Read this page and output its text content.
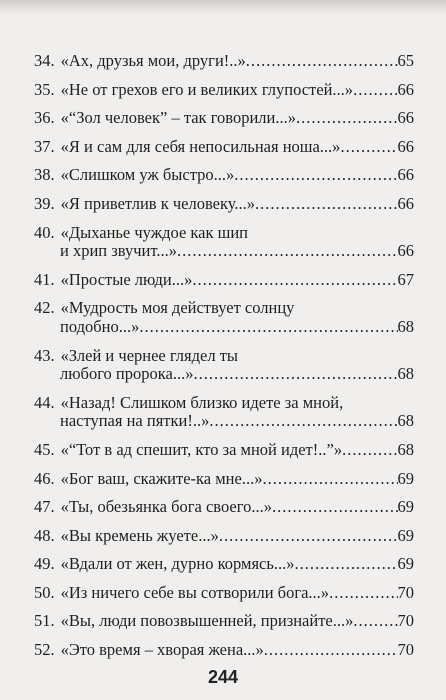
34. «Ах, друзья мои, други!..» .....	65
35. «Не от грехов его и великих глупостей...» .....	66
36. «“Зол человек” – так говорили...» .....	66
37. «Я и сам для себя непосильная ноша...» .....	66
38. «Слишком уж быстро...» .....	66
39. «Я приветлив к человеку...» .....	66
40. «Дыханье чуждое как шип
и хрип звучит...» .....	66
41. «Простые люди...» .....	67
42. «Мудрость моя действует солнцу
подобно...» .....	68
43. «Злей и чернее глядел ты
любого пророка...» .....	68
44. «Назад! Слишком близко идете за мной,
наступая на пятки!..» .....	68
45. «“Тот в ад спешит, кто за мной идет!..”» .....	68
46. «Бог ваш, скажите-ка мне...» .....	69
47. «Ты, обезьянка бога своего...» .....	69
48. «Вы кремень жуете...» .....	69
49. «Вдали от жен, дурно кормясь...» .....	69
50. «Из ничего себе вы сотворили бога...» .....	70
51. «Вы, люди повозвышенней, признайте...» .....	70
52. «Это время – хворая жена...» .....	70
244
